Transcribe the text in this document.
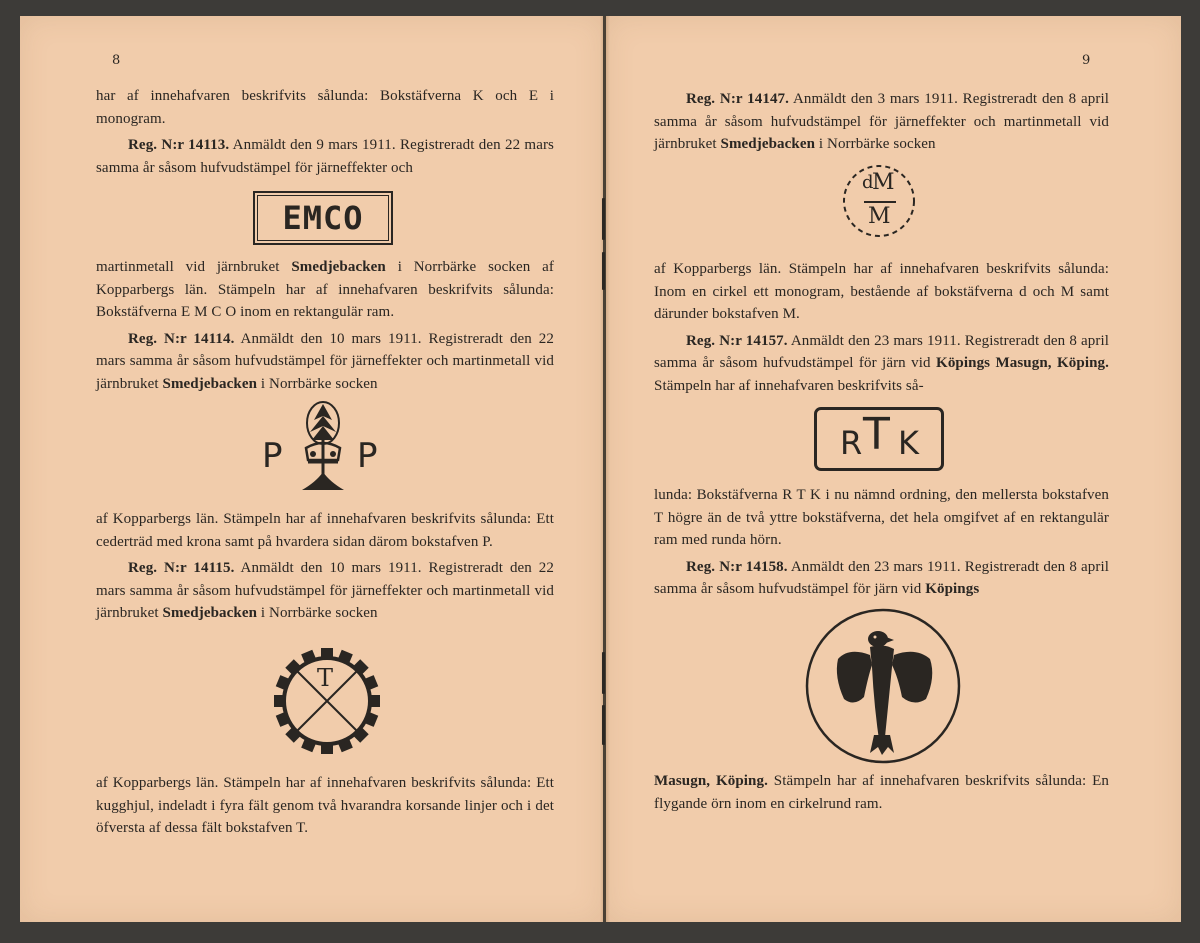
8

har af innehafvaren beskrifvits sålunda: Bokstäfverna K och E i monogram.

Reg. N:r 14113. Anmäldt den 9 mars 1911. Registreradt den 22 mars samma år såsom hufvudstämpel för järneffekter och

EMCO

martinmetall vid järnbruket Smedjebacken i Norrbärke socken af Kopparbergs län. Stämpeln har af innehafvaren beskrifvits sålunda: Bokstäfverna E M C O inom en rektangulär ram.

Reg. N:r 14114. Anmäldt den 10 mars 1911. Registreradt den 22 mars samma år såsom hufvudstämpel för järneffekter och martinmetall vid järnbruket Smedjebacken i Norrbärke socken

P P

af Kopparbergs län. Stämpeln har af innehafvaren beskrifvits sålunda: Ett cederträd med krona samt på hvardera sidan därom bokstafven P.

Reg. N:r 14115. Anmäldt den 10 mars 1911. Registreradt den 22 mars samma år såsom hufvudstämpel för järneffekter och martinmetall vid järnbruket Smedjebacken i Norrbärke socken

T

af Kopparbergs län. Stämpeln har af innehafvaren beskrifvits sålunda: Ett kugghjul, indeladt i fyra fält genom två hvarandra korsande linjer och i det öfversta af dessa fält bokstafven T.

9

Reg. N:r 14147. Anmäldt den 3 mars 1911. Registreradt den 8 april samma år såsom hufvudstämpel för järneffekter och martinmetall vid järnbruket Smedjebacken i Norrbärke socken

d
M
M

af Kopparbergs län. Stämpeln har af innehafvaren beskrifvits sålunda: Inom en cirkel ett monogram, bestående af bokstäfverna d och M samt därunder bokstafven M.

Reg. N:r 14157. Anmäldt den 23 mars 1911. Registreradt den 8 april samma år såsom hufvudstämpel för järn vid Köpings Masugn, Köping. Stämpeln har af innehafvaren beskrifvits så-

R T K

lunda: Bokstäfverna R T K i nu nämnd ordning, den mellersta bokstafven T högre än de två yttre bokstäfverna, det hela omgifvet af en rektangulär ram med runda hörn.

Reg. N:r 14158. Anmäldt den 23 mars 1911. Registreradt den 8 april samma år såsom hufvudstämpel för järn vid Köpings

Masugn, Köping. Stämpeln har af innehafvaren beskrifvits sålunda: En flygande örn inom en cirkelrund ram.
